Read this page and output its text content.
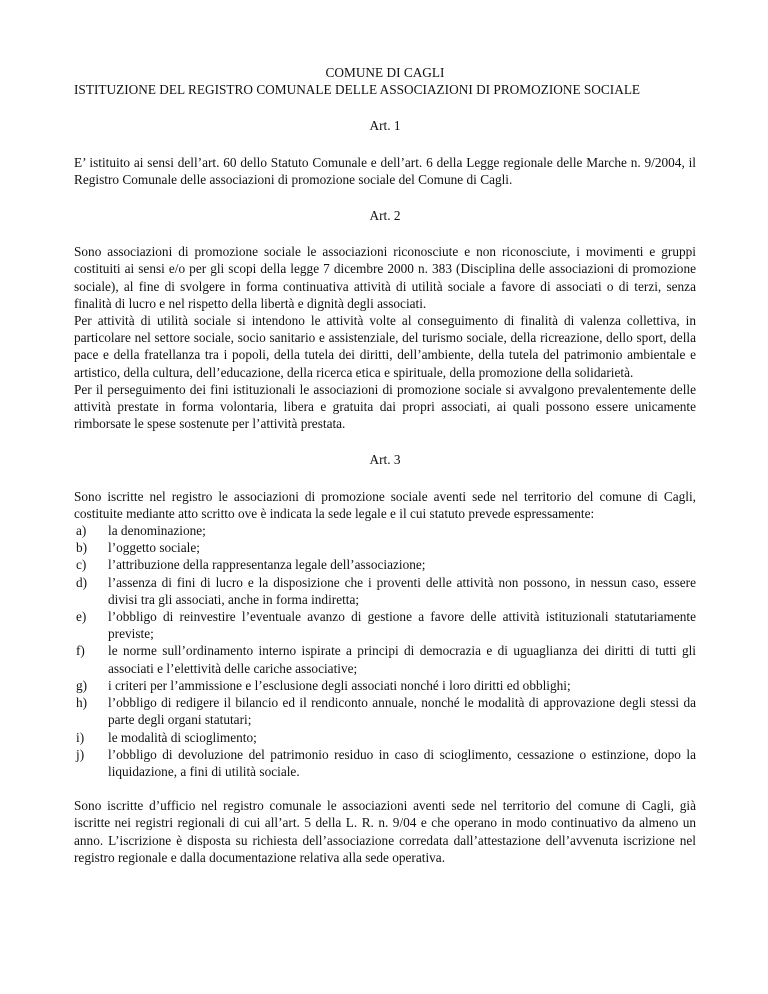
COMUNE DI CAGLI

ISTITUZIONE DEL REGISTRO COMUNALE DELLE ASSOCIAZIONI DI PROMOZIONE SOCIALE

Art. 1

E’ istituito ai sensi dell’art. 60 dello Statuto Comunale e dell’art. 6 della Legge regionale delle Marche n. 9/2004, il Registro Comunale delle associazioni di promozione sociale del Comune di Cagli.

Art. 2

Sono associazioni di promozione sociale le associazioni riconosciute e non riconosciute, i movimenti e gruppi costituiti ai sensi e/o per gli scopi della legge 7 dicembre 2000 n. 383 (Disciplina delle associazioni di promozione sociale), al fine di svolgere in forma continuativa attività di utilità sociale a favore di associati o di terzi, senza finalità di lucro e nel rispetto della libertà e dignità degli associati.

Per attività di utilità sociale si intendono le attività volte al conseguimento di finalità di valenza collettiva, in particolare nel settore sociale, socio sanitario e assistenziale, del turismo sociale, della ricreazione, dello sport, della pace e della fratellanza tra i popoli, della tutela dei diritti, dell’ambiente, della tutela del patrimonio ambientale e artistico, della cultura, dell’educazione, della ricerca etica e spirituale, della promozione della solidarietà.

Per il perseguimento dei fini istituzionali le associazioni di promozione sociale si avvalgono prevalentemente delle attività prestate in forma volontaria, libera e gratuita dai propri associati, ai quali possono essere unicamente rimborsate le spese sostenute per l’attività prestata.

Art. 3

Sono iscritte nel registro le associazioni di promozione sociale aventi sede nel territorio del comune di Cagli, costituite mediante atto scritto ove è indicata la sede legale e il cui statuto prevede espressamente:

a) la denominazione;
b) l’oggetto sociale;
c) l’attribuzione della rappresentanza legale dell’associazione;
d) l’assenza di fini di lucro e la disposizione che i proventi delle attività non possono, in nessun caso, essere divisi tra gli associati, anche in forma indiretta;
e) l’obbligo di reinvestire l’eventuale avanzo di gestione a favore delle attività istituzionali statutariamente previste;
f) le norme sull’ordinamento interno ispirate a principi di democrazia e di uguaglianza dei diritti di tutti gli associati e l’elettività delle cariche associative;
g) i criteri per l’ammissione e l’esclusione degli associati nonché i loro diritti ed obblighi;
h) l’obbligo di redigere il bilancio ed il rendiconto annuale, nonché le modalità di approvazione degli stessi da parte degli organi statutari;
i) le modalità di scioglimento;
j) l’obbligo di devoluzione del patrimonio residuo in caso di scioglimento, cessazione o estinzione, dopo la liquidazione, a fini di utilità sociale.

Sono iscritte d’ufficio nel registro comunale le associazioni aventi sede nel territorio del comune di Cagli, già iscritte nei registri regionali di cui all’art. 5 della L. R. n. 9/04 e che operano in modo continuativo da almeno un anno. L’iscrizione è disposta su richiesta dell’associazione corredata dall’attestazione dell’avvenuta iscrizione nel registro regionale e dalla documentazione relativa alla sede operativa.
